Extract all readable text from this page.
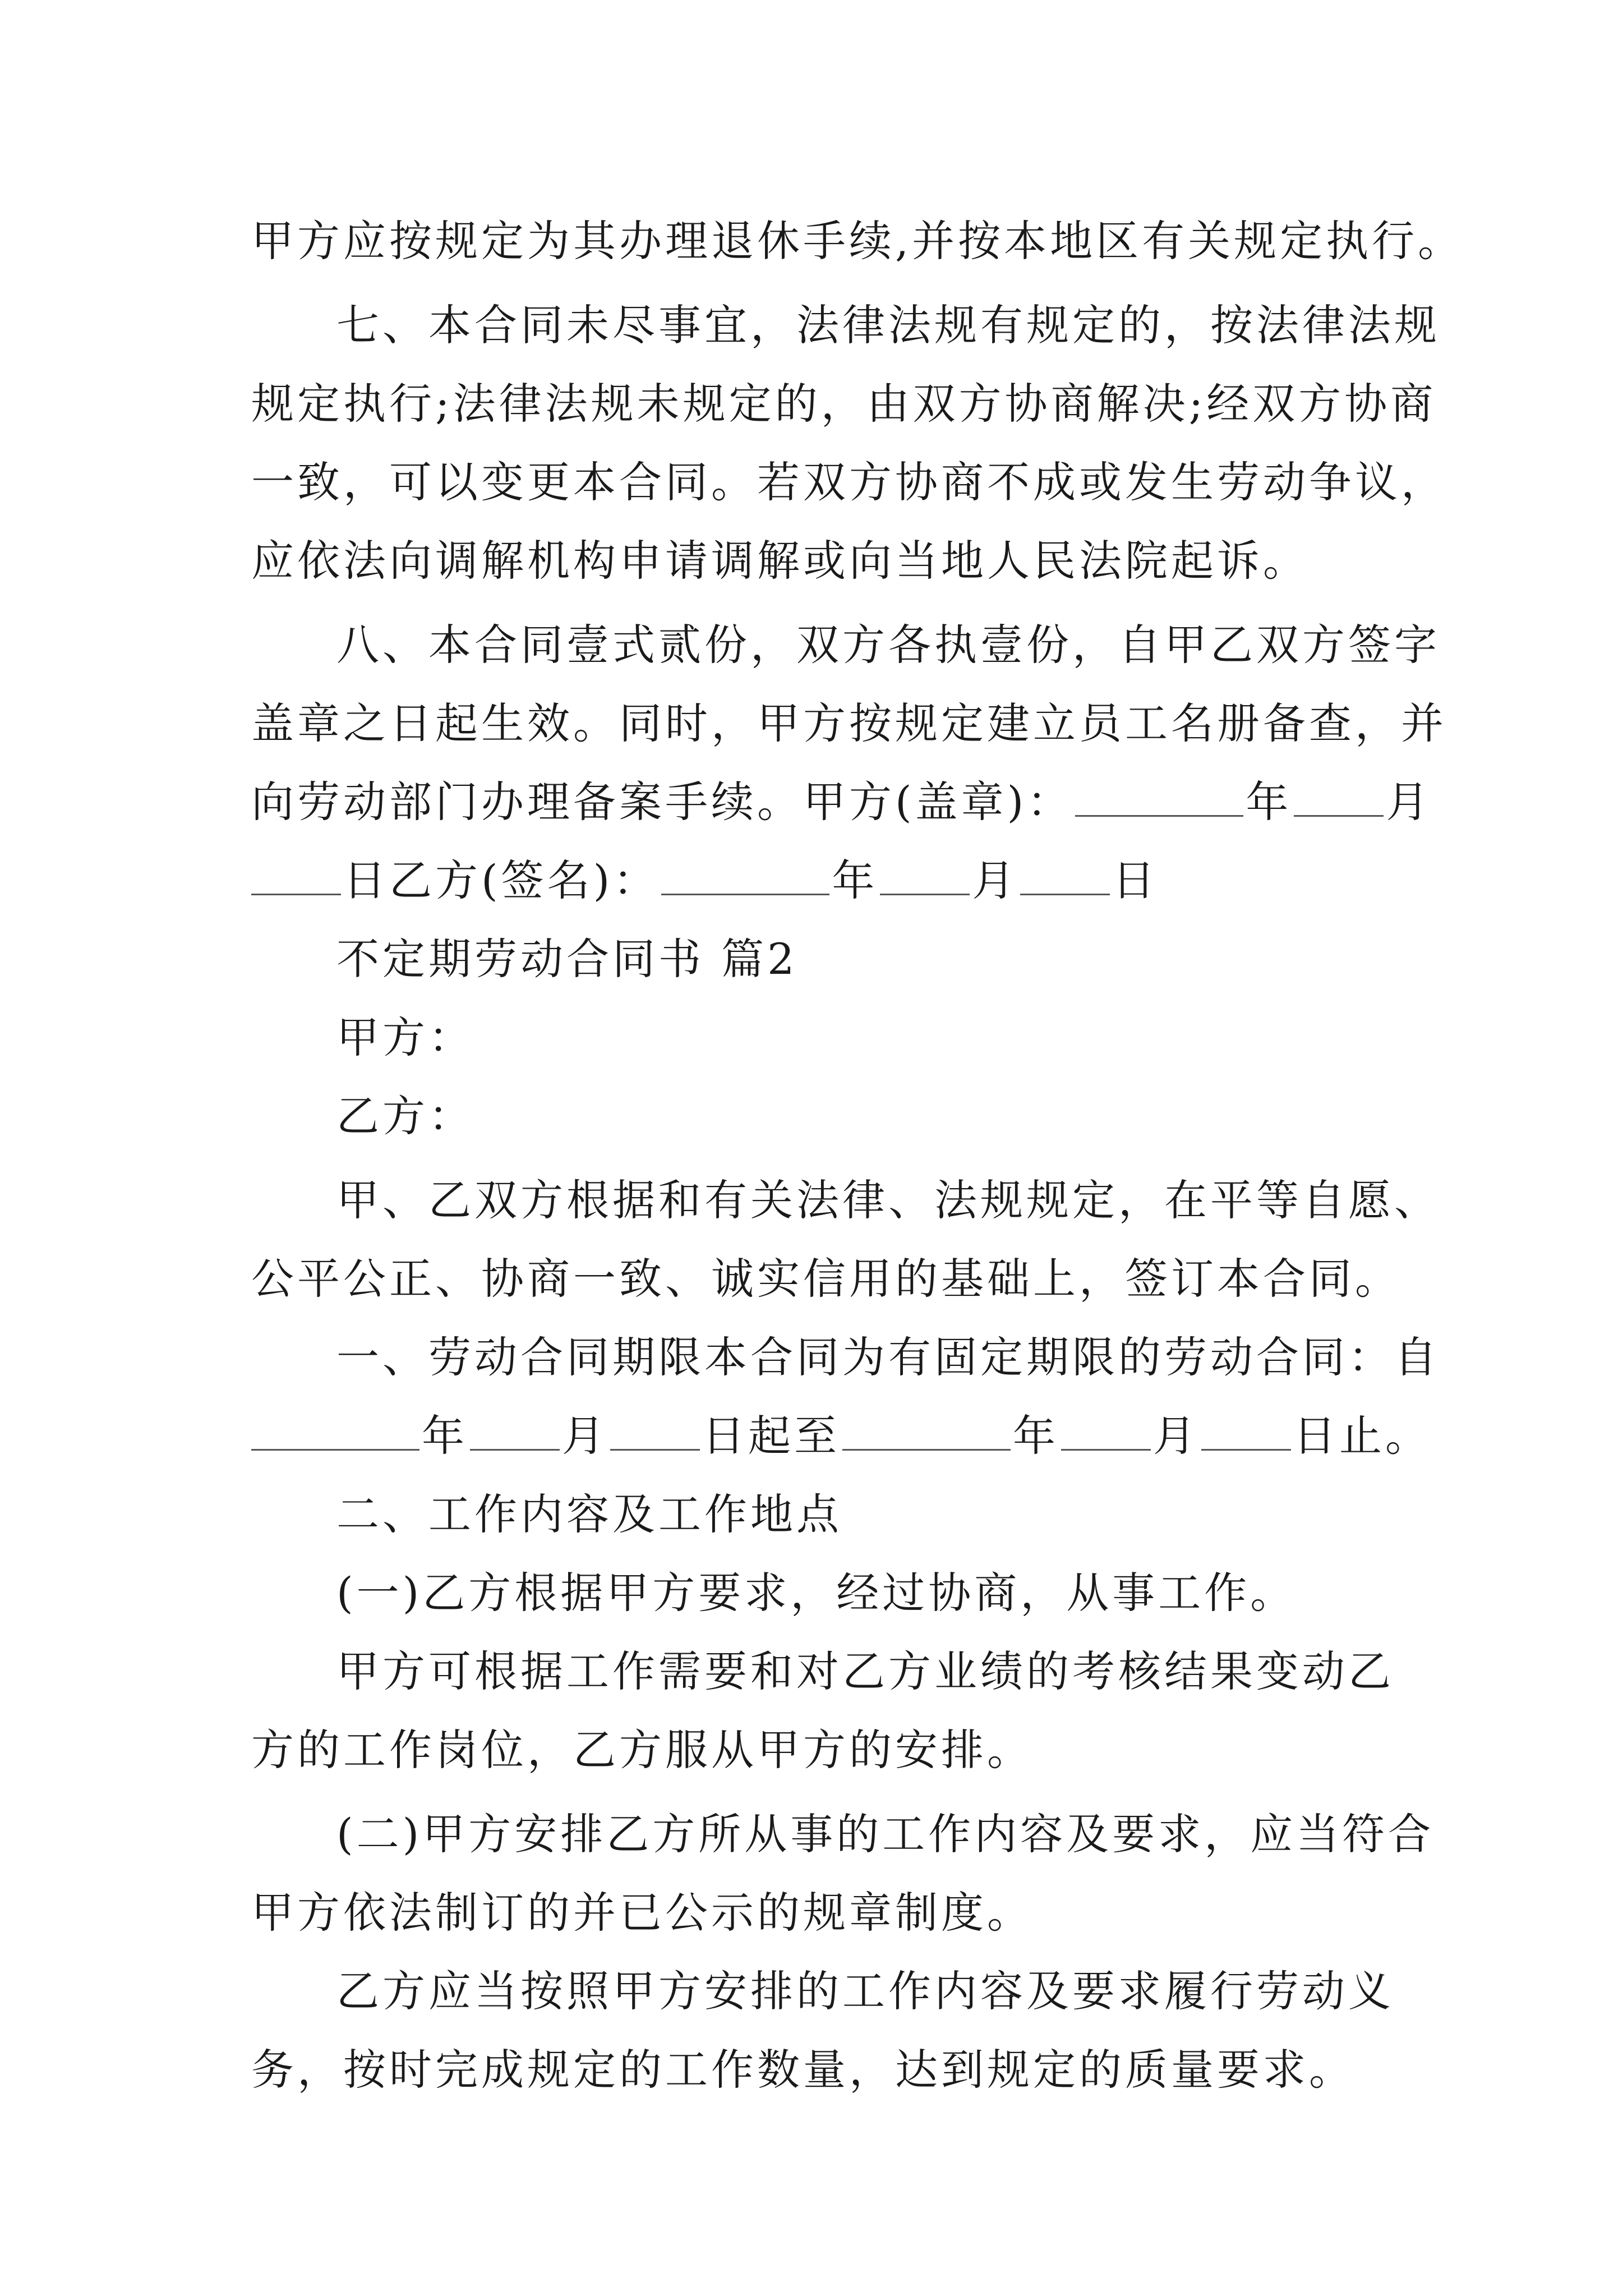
甲方应按规定为其办理退休手续,并按本地区有关规定执行。
七、本合同未尽事宜，法律法规有规定的，按法律法规
规定执行;法律法规未规定的，由双方协商解决;经双方协商
一致，可以变更本合同。若双方协商不成或发生劳动争议，
应依法向调解机构申请调解或向当地人民法院起诉。
八、本合同壹式贰份，双方各执壹份，自甲乙双方签字
盖章之日起生效。同时，甲方按规定建立员工名册备查，并
向劳动部门办理备案手续。甲方(盖章)：	年 月
日乙方(签名)：	年 月 日
不定期劳动合同书 篇2
甲方：
乙方：
甲、乙双方根据和有关法律、法规规定，在平等自愿、
公平公正、协商一致、诚实信用的基础上，签订本合同。
一、劳动合同期限本合同为有固定期限的劳动合同：自
年 月 日起至	年 月 日止。
二、工作内容及工作地点
(一)乙方根据甲方要求，经过协商，从事工作。
甲方可根据工作需要和对乙方业绩的考核结果变动乙
方的工作岗位，乙方服从甲方的安排。
(二)甲方安排乙方所从事的工作内容及要求，应当符合
甲方依法制订的并已公示的规章制度。
乙方应当按照甲方安排的工作内容及要求履行劳动义
务，按时完成规定的工作数量，达到规定的质量要求。
